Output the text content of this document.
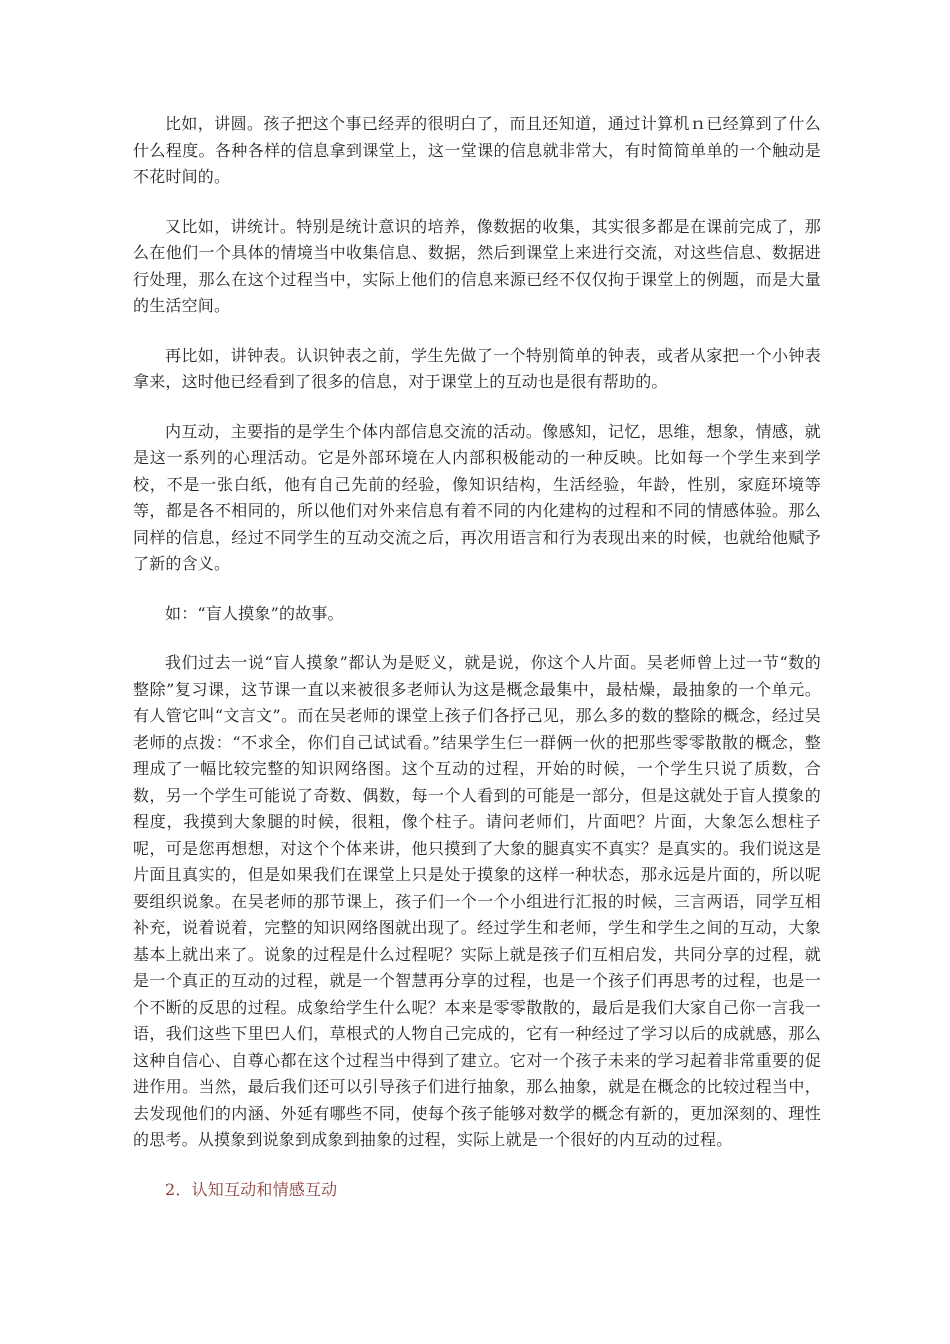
比如，讲圆。孩子把这个事已经弄的很明白了，而且还知道，通过计算机ｎ已经算到了什么什么程度。各种各样的信息拿到课堂上，这一堂课的信息就非常大，有时简简单单的一个触动是不花时间的。

又比如，讲统计。特别是统计意识的培养，像数据的收集，其实很多都是在课前完成了，那么在他们一个具体的情境当中收集信息、数据，然后到课堂上来进行交流，对这些信息、数据进行处理，那么在这个过程当中，实际上他们的信息来源已经不仅仅拘于课堂上的例题，而是大量的生活空间。

再比如，讲钟表。认识钟表之前，学生先做了一个特别简单的钟表，或者从家把一个小钟表拿来，这时他已经看到了很多的信息，对于课堂上的互动也是很有帮助的。

内互动，主要指的是学生个体内部信息交流的活动。像感知，记忆，思维，想象，情感，就是这一系列的心理活动。它是外部环境在人内部积极能动的一种反映。比如每一个学生来到学校，不是一张白纸，他有自己先前的经验，像知识结构，生活经验，年龄，性别，家庭环境等等，都是各不相同的，所以他们对外来信息有着不同的内化建构的过程和不同的情感体验。那么同样的信息，经过不同学生的互动交流之后，再次用语言和行为表现出来的时候，也就给他赋予了新的含义。

如：“盲人摸象”的故事。

我们过去一说“盲人摸象”都认为是贬义，就是说，你这个人片面。吴老师曾上过一节“数的整除”复习课，这节课一直以来被很多老师认为这是概念最集中，最枯燥，最抽象的一个单元。有人管它叫“文言文”。而在吴老师的课堂上孩子们各抒己见，那么多的数的整除的概念，经过吴老师的点拨：“不求全，你们自己试试看。”结果学生仨一群俩一伙的把那些零零散散的概念，整理成了一幅比较完整的知识网络图。这个互动的过程，开始的时候，一个学生只说了质数，合数，另一个学生可能说了奇数、偶数，每一个人看到的可能是一部分，但是这就处于盲人摸象的程度，我摸到大象腿的时候，很粗，像个柱子。请问老师们，片面吧？片面，大象怎么想柱子呢，可是您再想想，对这个个体来讲，他只摸到了大象的腿真实不真实？是真实的。我们说这是片面且真实的，但是如果我们在课堂上只是处于摸象的这样一种状态，那永远是片面的，所以呢要组织说象。在吴老师的那节课上，孩子们一个一个小组进行汇报的时候，三言两语，同学互相补充，说着说着，完整的知识网络图就出现了。经过学生和老师，学生和学生之间的互动，大象基本上就出来了。说象的过程是什么过程呢？实际上就是孩子们互相启发，共同分享的过程，就是一个真正的互动的过程，就是一个智慧再分享的过程，也是一个孩子们再思考的过程，也是一个不断的反思的过程。成象给学生什么呢？本来是零零散散的，最后是我们大家自己你一言我一语，我们这些下里巴人们，草根式的人物自己完成的，它有一种经过了学习以后的成就感，那么这种自信心、自尊心都在这个过程当中得到了建立。它对一个孩子未来的学习起着非常重要的促进作用。当然，最后我们还可以引导孩子们进行抽象，那么抽象，就是在概念的比较过程当中，去发现他们的内涵、外延有哪些不同，使每个孩子能够对数学的概念有新的，更加深刻的、理性的思考。从摸象到说象到成象到抽象的过程，实际上就是一个很好的内互动的过程。

2．认知互动和情感互动
